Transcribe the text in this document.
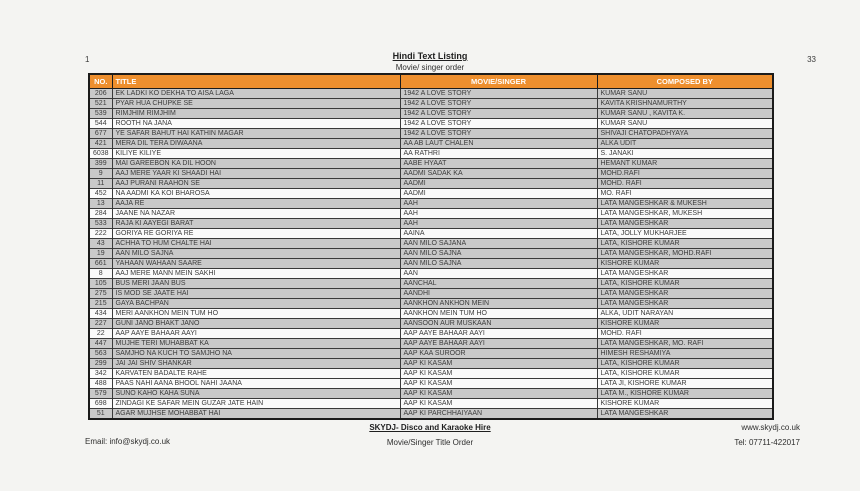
1	Hindi Text Listing
Movie/ singer order
33
NO.	TITLE	MOVIE/SINGER	COMPOSED BY
206	EK LADKI KO DEKHA TO AISA LAGA	1942 A LOVE STORY	KUMAR SANU
521	PYAR HUA CHUPKE SE	1942 A LOVE STORY	KAVITA KRISHNAMURTHY
539	RIMJHIM RIMJHIM	1942 A LOVE STORY	KUMAR SANU , KAVITA K.
544	ROOTH NA JANA	1942 A LOVE STORY	KUMAR SANU
677	YE SAFAR BAHUT HAI KATHIN MAGAR	1942 A LOVE STORY	SHIVAJI CHATOPADHYAYA
421	MERA DIL TERA DIWAANA	AA AB LAUT CHALEN	ALKA UDIT
6038	KILIYE KILIYE	AA RATHRI	S. JANAKI
399	MAI GAREEBON KA DIL HOON	AABE HYAAT	HEMANT KUMAR
9	AAJ MERE YAAR KI SHAADI HAI	AADMI SADAK KA	MOHD.RAFI
11	AAJ PURANI RAAHON SE	AADMI	MOHD. RAFI
452	NA AADMI KA KOI BHAROSA	AADMI	MO. RAFI
13	AAJA RE	AAH	LATA MANGESHKAR & MUKESH
284	JAANE NA NAZAR	AAH	LATA MANGESHKAR, MUKESH
533	RAJA KI AAYEGI BARAT	AAH	LATA MANGESHKAR
222	GORIYA RE GORIYA RE	AAINA	LATA, JOLLY MUKHARJEE
43	ACHHA TO HUM CHALTE HAI	AAN MILO SAJANA	LATA, KISHORE KUMAR
19	AAN MILO SAJNA	AAN MILO SAJNA	LATA MANGESHKAR, MOHD.RAFI
661	YAHAAN WAHAAN SAARE	AAN MILO SAJNA	KISHORE KUMAR
8	AAJ MERE MANN MEIN SAKHI	AAN	LATA MANGESHKAR
105	BUS MERI JAAN BUS	AANCHAL	LATA, KISHORE KUMAR
275	IS MOD SE JAATE HAI	AANDHI	LATA MANGESHKAR
215	GAYA BACHPAN	AANKHON ANKHON MEIN	LATA MANGESHKAR
434	MERI AANKHON MEIN TUM HO	AANKHON MEIN TUM HO	ALKA, UDIT NARAYAN
227	GUNI JANO BHAKT JANO	AANSOON AUR MUSKAAN	KISHORE KUMAR
22	AAP AAYE BAHAAR AAYI	AAP AAYE BAHAAR AAYI	MOHD. RAFI
447	MUJHE TERI MUHABBAT KA	AAP AAYE BAHAAR AAYI	LATA MANGESHKAR, MO. RAFI
563	SAMJHO NA KUCH TO SAMJHO NA	AAP KAA SUROOR	HIMESH RESHAMIYA
299	JAI JAI SHIV SHANKAR	AAP KI KASAM	LATA, KISHORE KUMAR
342	KARVATEN BADALTE RAHE	AAP KI KASAM	LATA, KISHORE KUMAR
488	PAAS NAHI AANA BHOOL NAHI JAANA	AAP KI KASAM	LATA JI, KISHORE KUMAR
579	SUNO KAHO KAHA SUNA	AAP KI KASAM	LATA M., KISHORE KUMAR
698	ZINDAGI KE SAFAR MEIN GUZAR JATE HAIN	AAP KI KASAM	KISHORE KUMAR
51	AGAR MUJHSE MOHABBAT HAI	AAP KI PARCHHAIYAAN	LATA MANGESHKAR
Email: info@skydj.co.uk
SKYDJ- Disco and Karaoke Hire
Movie/Singer Title Order
www.skydj.co.uk
Tel: 07711-422017
